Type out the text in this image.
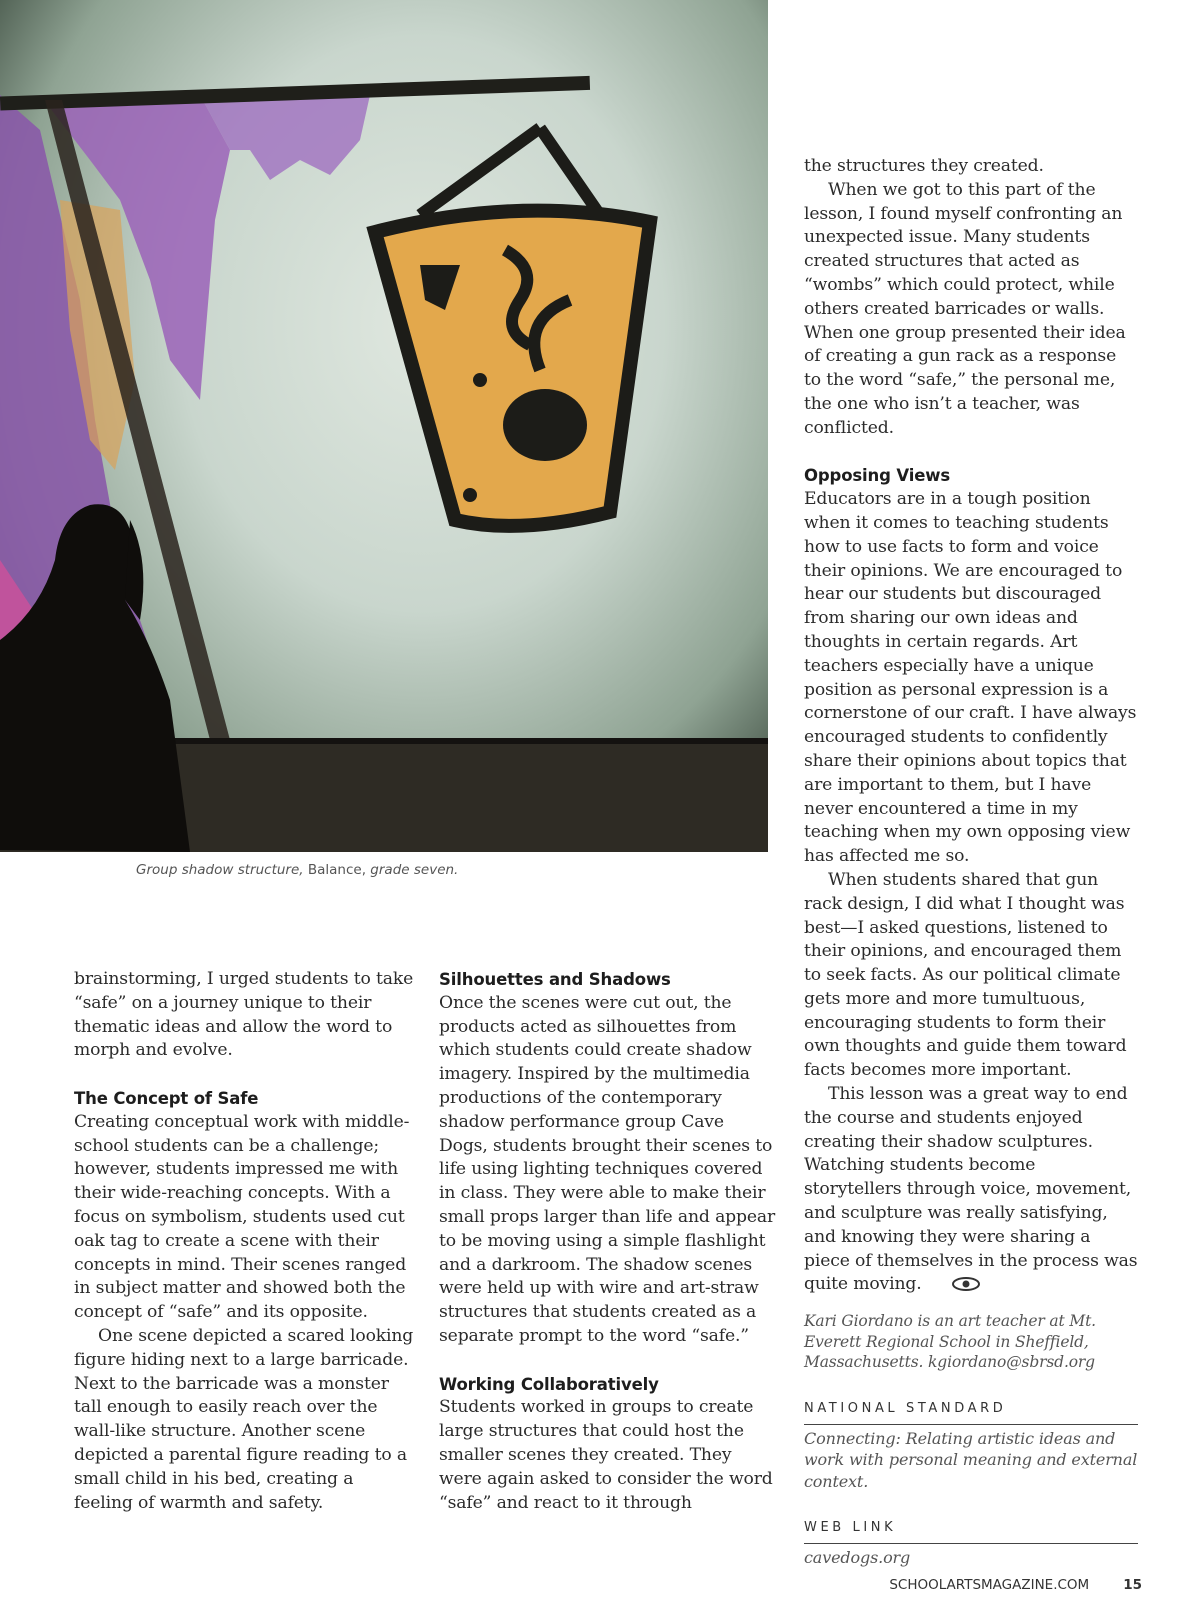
Group shadow structure, Balance, grade seven.

brainstorming, I urged students to take “safe” on a journey unique to their thematic ideas and allow the word to morph and evolve.

The Concept of Safe

Creating conceptual work with middle-school students can be a challenge; however, students impressed me with their wide-reaching concepts. With a focus on symbolism, students used cut oak tag to create a scene with their concepts in mind. Their scenes ranged in subject matter and showed both the concept of “safe” and its opposite.

One scene depicted a scared looking figure hiding next to a large barricade. Next to the barricade was a monster tall enough to easily reach over the wall-like structure. Another scene depicted a parental figure reading to a small child in his bed, creating a feeling of warmth and safety.

Silhouettes and Shadows

Once the scenes were cut out, the products acted as silhouettes from which students could create shadow imagery. Inspired by the multimedia productions of the contemporary shadow performance group Cave Dogs, students brought their scenes to life using lighting techniques covered in class. They were able to make their small props larger than life and appear to be moving using a simple flashlight and a darkroom. The shadow scenes were held up with wire and art-straw structures that students created as a separate prompt to the word “safe.”

Working Collaboratively

Students worked in groups to create large structures that could host the smaller scenes they created. They were again asked to consider the word “safe” and react to it through

the structures they created.

When we got to this part of the lesson, I found myself confronting an unexpected issue. Many students created structures that acted as “wombs” which could protect, while others created barricades or walls. When one group presented their idea of creating a gun rack as a response to the word “safe,” the personal me, the one who isn’t a teacher, was conflicted.

Opposing Views

Educators are in a tough position when it comes to teaching students how to use facts to form and voice their opinions. We are encouraged to hear our students but discouraged from sharing our own ideas and thoughts in certain regards. Art teachers especially have a unique position as personal expression is a cornerstone of our craft. I have always encouraged students to confidently share their opinions about topics that are important to them, but I have never encountered a time in my teaching when my own opposing view has affected me so.

When students shared that gun rack design, I did what I thought was best—I asked questions, listened to their opinions, and encouraged them to seek facts. As our political climate gets more and more tumultuous, encouraging students to form their own thoughts and guide them toward facts becomes more important.

This lesson was a great way to end the course and students enjoyed creating their shadow sculptures. Watching students become storytellers through voice, movement, and sculpture was really satisfying, and knowing they were sharing a piece of themselves in the process was quite moving.

Kari Giordano is an art teacher at Mt. Everett Regional School in Sheffield, Massachusetts. kgiordano@sbrsd.org

NATIONAL STANDARD

Connecting: Relating artistic ideas and work with personal meaning and external context.

WEB LINK

cavedogs.org

SCHOOLARTSMAGAZINE.COM	15
